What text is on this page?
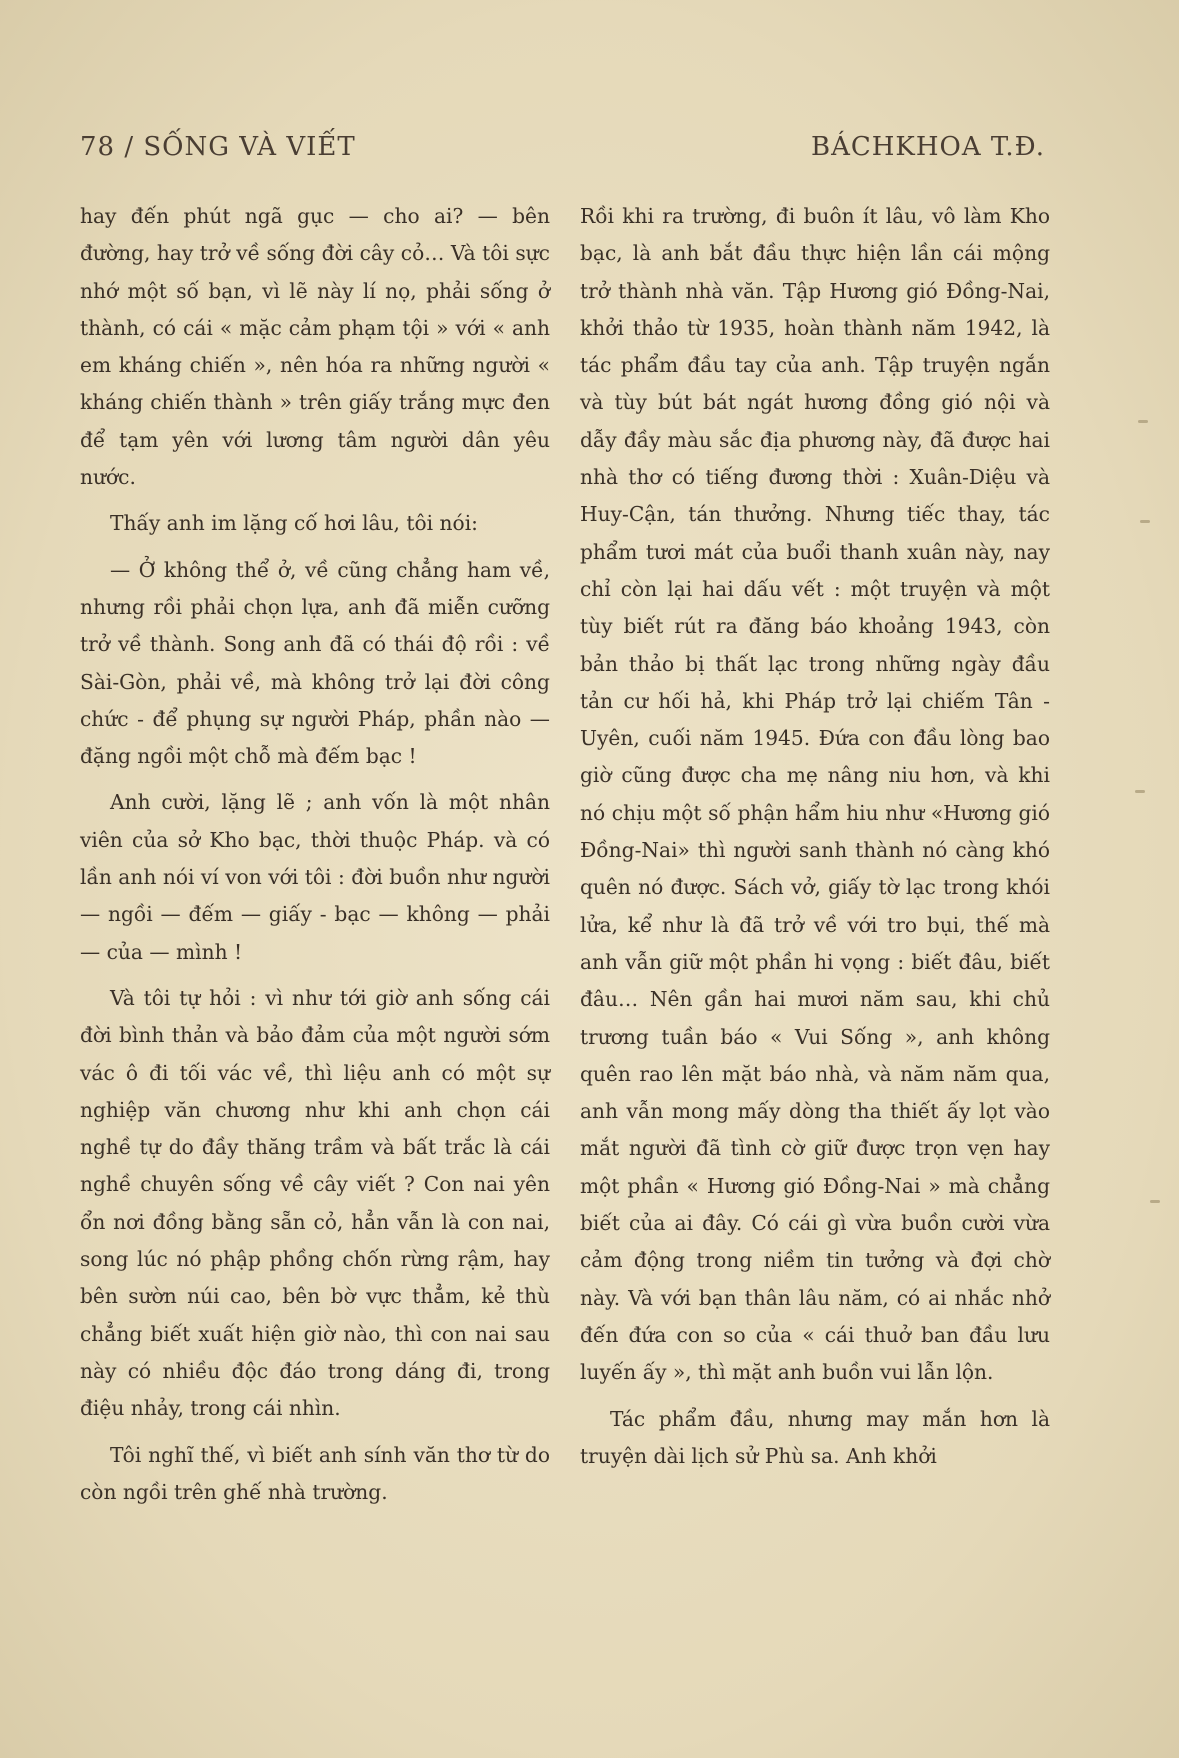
78 / SỐNG VÀ VIẾT	BÁCHKHOA T.Đ.

hay đến phút ngã gục — cho ai? — bên đường, hay trở về sống đời cây cỏ… Và tôi sực nhớ một số bạn, vì lẽ này lí nọ, phải sống ở thành, có cái « mặc cảm phạm tội » với « anh em kháng chiến », nên hóa ra những người « kháng chiến thành » trên giấy trắng mực đen để tạm yên với lương tâm người dân yêu nước.

Thấy anh im lặng cố hơi lâu, tôi nói:

— Ở không thể ở, về cũng chẳng ham về, nhưng rồi phải chọn lựa, anh đã miễn cưỡng trở về thành. Song anh đã có thái độ rồi : về Sài-Gòn, phải về, mà không trở lại đời công chức - để phụng sự người Pháp, phần nào — đặng ngồi một chỗ mà đếm bạc !

Anh cười, lặng lẽ ; anh vốn là một nhân viên của sở Kho bạc, thời thuộc Pháp. và có lần anh nói ví von với tôi : đời buồn như người — ngồi — đếm — giấy - bạc — không — phải — của — mình !

Và tôi tự hỏi : vì như tới giờ anh sống cái đời bình thản và bảo đảm của một người sớm vác ô đi tối vác về, thì liệu anh có một sự nghiệp văn chương như khi anh chọn cái nghề tự do đầy thăng trầm và bất trắc là cái nghề chuyên sống về cây viết ? Con nai yên ổn nơi đồng bằng sẵn cỏ, hẳn vẫn là con nai, song lúc nó phập phồng chốn rừng rậm, hay bên sườn núi cao, bên bờ vực thẳm, kẻ thù chẳng biết xuất hiện giờ nào, thì con nai sau này có nhiều độc đáo trong dáng đi, trong điệu nhảy, trong cái nhìn.

Tôi nghĩ thế, vì biết anh sính văn thơ từ do còn ngồi trên ghế nhà trường.

Rồi khi ra trường, đi buôn ít lâu, vô làm Kho bạc, là anh bắt đầu thực hiện lần cái mộng trở thành nhà văn. Tập Hương gió Đồng-Nai, khởi thảo từ 1935, hoàn thành năm 1942, là tác phẩm đầu tay của anh. Tập truyện ngắn và tùy bút bát ngát hương đồng gió nội và dẫy đầy màu sắc địa phương này, đã được hai nhà thơ có tiếng đương thời : Xuân-Diệu và Huy-Cận, tán thưởng. Nhưng tiếc thay, tác phẩm tươi mát của buổi thanh xuân này, nay chỉ còn lại hai dấu vết : một truyện và một tùy biết rút ra đăng báo khoảng 1943, còn bản thảo bị thất lạc trong những ngày đầu tản cư hối hả, khi Pháp trở lại chiếm Tân - Uyên, cuối năm 1945. Đứa con đầu lòng bao giờ cũng được cha mẹ nâng niu hơn, và khi nó chịu một số phận hẩm hiu như «Hương gió Đồng-Nai» thì người sanh thành nó càng khó quên nó được. Sách vở, giấy tờ lạc trong khói lửa, kể như là đã trở về với tro bụi, thế mà anh vẫn giữ một phần hi vọng : biết đâu, biết đâu… Nên gần hai mươi năm sau, khi chủ trương tuần báo « Vui Sống », anh không quên rao lên mặt báo nhà, và năm năm qua, anh vẫn mong mấy dòng tha thiết ấy lọt vào mắt người đã tình cờ giữ được trọn vẹn hay một phần « Hương gió Đồng-Nai » mà chẳng biết của ai đây. Có cái gì vừa buồn cười vừa cảm động trong niềm tin tưởng và đợi chờ này. Và với bạn thân lâu năm, có ai nhắc nhở đến đứa con so của « cái thuở ban đầu lưu luyến ấy », thì mặt anh buồn vui lẫn lộn.

Tác phẩm đầu, nhưng may mắn hơn là truyện dài lịch sử Phù sa. Anh khởi
